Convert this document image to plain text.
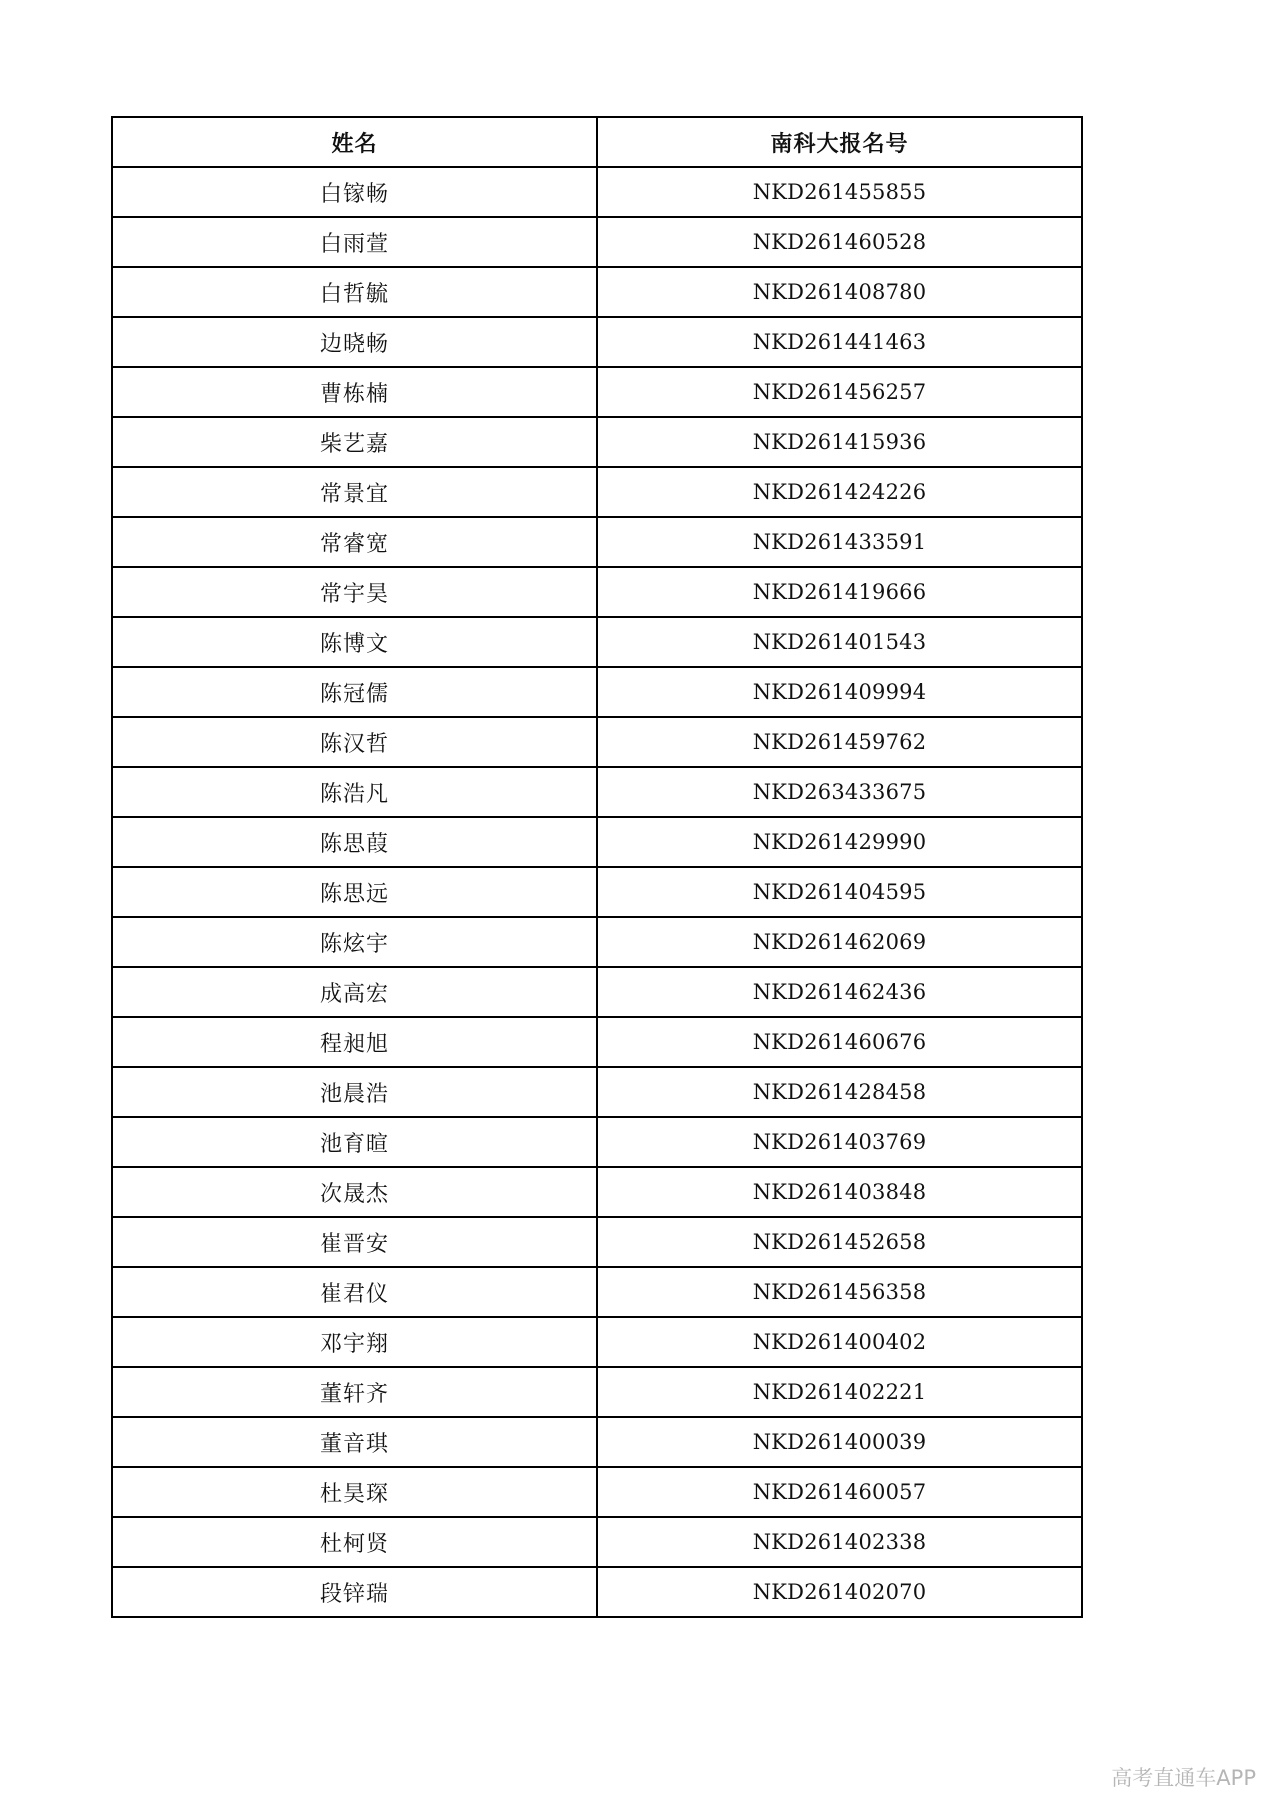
姓名	南科大报名号
白镓畅	NKD261455855
白雨萱	NKD261460528
白哲毓	NKD261408780
边晓畅	NKD261441463
曹栋楠	NKD261456257
柴艺嘉	NKD261415936
常景宜	NKD261424226
常睿宽	NKD261433591
常宇昊	NKD261419666
陈博文	NKD261401543
陈冠儒	NKD261409994
陈汉哲	NKD261459762
陈浩凡	NKD263433675
陈思葭	NKD261429990
陈思远	NKD261404595
陈炫宇	NKD261462069
成高宏	NKD261462436
程昶旭	NKD261460676
池晨浩	NKD261428458
池育暄	NKD261403769
次晟杰	NKD261403848
崔晋安	NKD261452658
崔君仪	NKD261456358
邓宇翔	NKD261400402
董轩齐	NKD261402221
董音琪	NKD261400039
杜昊琛	NKD261460057
杜柯贤	NKD261402338
段锌瑞	NKD261402070
高考直通车APP
